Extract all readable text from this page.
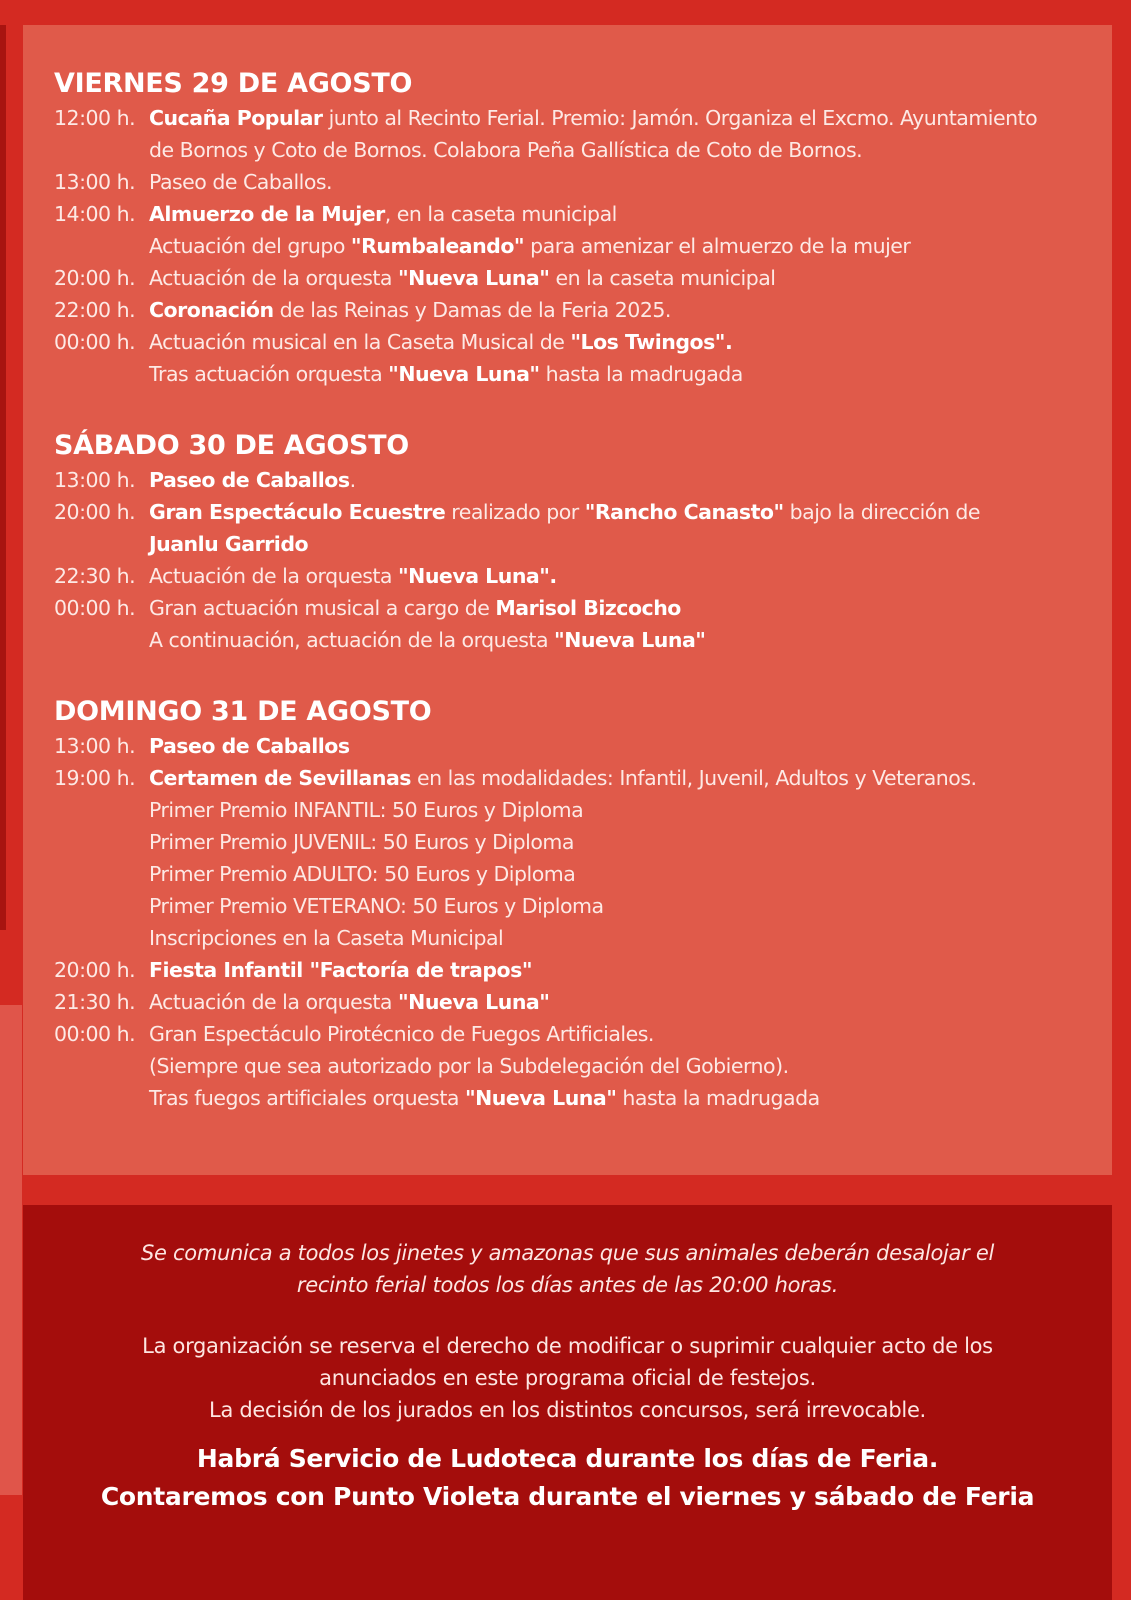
VIERNES 29 DE AGOSTO
12:00 h. Cucaña Popular junto al Recinto Ferial. Premio: Jamón. Organiza el Excmo. Ayuntamiento
de Bornos y Coto de Bornos. Colabora Peña Gallística de Coto de Bornos.
13:00 h. Paseo de Caballos.
14:00 h. Almuerzo de la Mujer, en la caseta municipal
Actuación del grupo "Rumbaleando" para amenizar el almuerzo de la mujer
20:00 h. Actuación de la orquesta "Nueva Luna" en la caseta municipal
22:00 h. Coronación de las Reinas y Damas de la Feria 2025.
00:00 h. Actuación musical en la Caseta Musical de "Los Twingos".
Tras actuación orquesta "Nueva Luna" hasta la madrugada
SÁBADO 30 DE AGOSTO
13:00 h. Paseo de Caballos.
20:00 h. Gran Espectáculo Ecuestre realizado por "Rancho Canasto" bajo la dirección de
Juanlu Garrido
22:30 h. Actuación de la orquesta "Nueva Luna".
00:00 h. Gran actuación musical a cargo de Marisol Bizcocho
A continuación, actuación de la orquesta "Nueva Luna"
DOMINGO 31 DE AGOSTO
13:00 h. Paseo de Caballos
19:00 h. Certamen de Sevillanas en las modalidades: Infantil, Juvenil, Adultos y Veteranos.
Primer Premio INFANTIL: 50 Euros y Diploma
Primer Premio JUVENIL: 50 Euros y Diploma
Primer Premio ADULTO: 50 Euros y Diploma
Primer Premio VETERANO: 50 Euros y Diploma
Inscripciones en la Caseta Municipal
20:00 h. Fiesta Infantil "Factoría de trapos"
21:30 h. Actuación de la orquesta "Nueva Luna"
00:00 h. Gran Espectáculo Pirotécnico de Fuegos Artificiales.
(Siempre que sea autorizado por la Subdelegación del Gobierno).
Tras fuegos artificiales orquesta "Nueva Luna" hasta la madrugada
Se comunica a todos los jinetes y amazonas que sus animales deberán desalojar el
recinto ferial todos los días antes de las 20:00 horas.
La organización se reserva el derecho de modificar o suprimir cualquier acto de los
anunciados en este programa oficial de festejos.
La decisión de los jurados en los distintos concursos, será irrevocable.
Habrá Servicio de Ludoteca durante los días de Feria.
Contaremos con Punto Violeta durante el viernes y sábado de Feria
